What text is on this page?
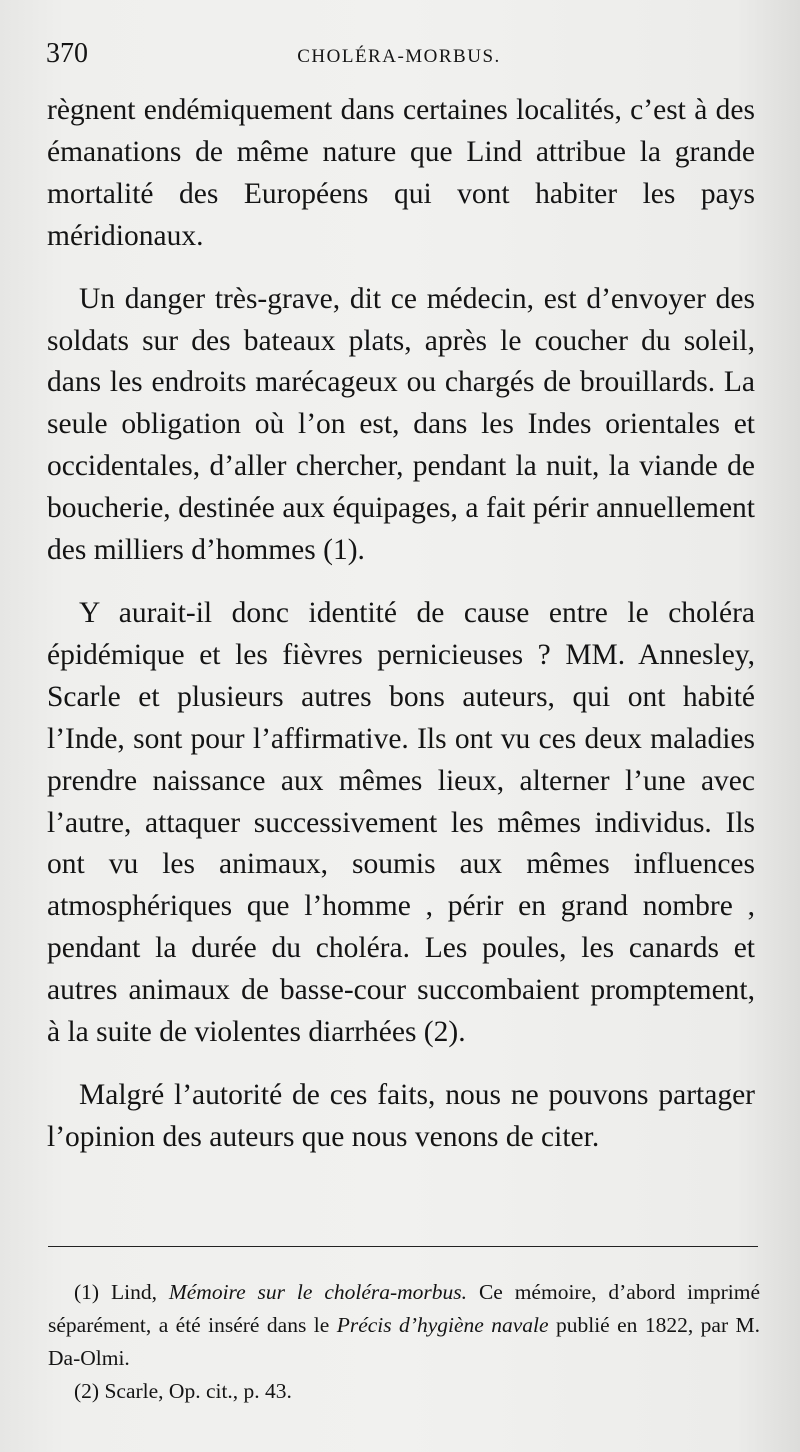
370	CHOLÉRA-MORBUS.

règnent endémiquement dans certaines localités, c’est à des émanations de même nature que Lind attribue la grande mortalité des Européens qui vont habiter les pays méridionaux.

Un danger très-grave, dit ce médecin, est d’envoyer des soldats sur des bateaux plats, après le coucher du soleil, dans les endroits marécageux ou chargés de brouillards. La seule obligation où l’on est, dans les Indes orientales et occidentales, d’aller chercher, pendant la nuit, la viande de boucherie, destinée aux équipages, a fait périr annuellement des milliers d’hommes (1).

Y aurait-il donc identité de cause entre le choléra épidémique et les fièvres pernicieuses ? MM. Annesley, Scarle et plusieurs autres bons auteurs, qui ont habité l’Inde, sont pour l’affirmative. Ils ont vu ces deux maladies prendre naissance aux mêmes lieux, alterner l’une avec l’autre, attaquer successivement les mêmes individus. Ils ont vu les animaux, soumis aux mêmes influences atmosphériques que l’homme , périr en grand nombre , pendant la durée du choléra. Les poules, les canards et autres animaux de basse-cour succombaient promptement, à la suite de violentes diarrhées (2).

Malgré l’autorité de ces faits, nous ne pouvons partager l’opinion des auteurs que nous venons de citer.

(1) Lind, Mémoire sur le choléra-morbus. Ce mémoire, d’abord imprimé séparément, a été inséré dans le Précis d’hygiène navale publié en 1822, par M. Da-Olmi.

(2) Scarle, Op. cit., p. 43.
